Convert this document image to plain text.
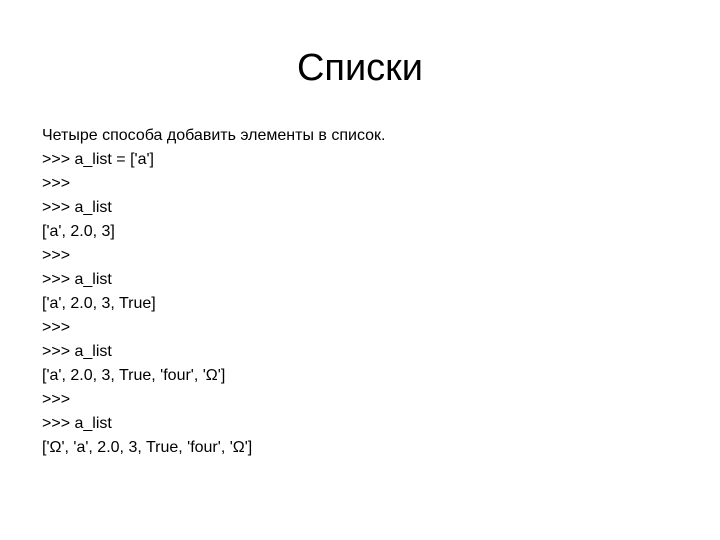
Списки
Четыре способа добавить элементы в список.
>>> a_list = ['a']
>>>
>>> a_list
['a', 2.0, 3]
>>>
>>> a_list
['a', 2.0, 3, True]
>>>
>>> a_list
['a', 2.0, 3, True, 'four', 'Ω']
>>>
>>> a_list
['Ω', 'a', 2.0, 3, True, 'four', 'Ω']
